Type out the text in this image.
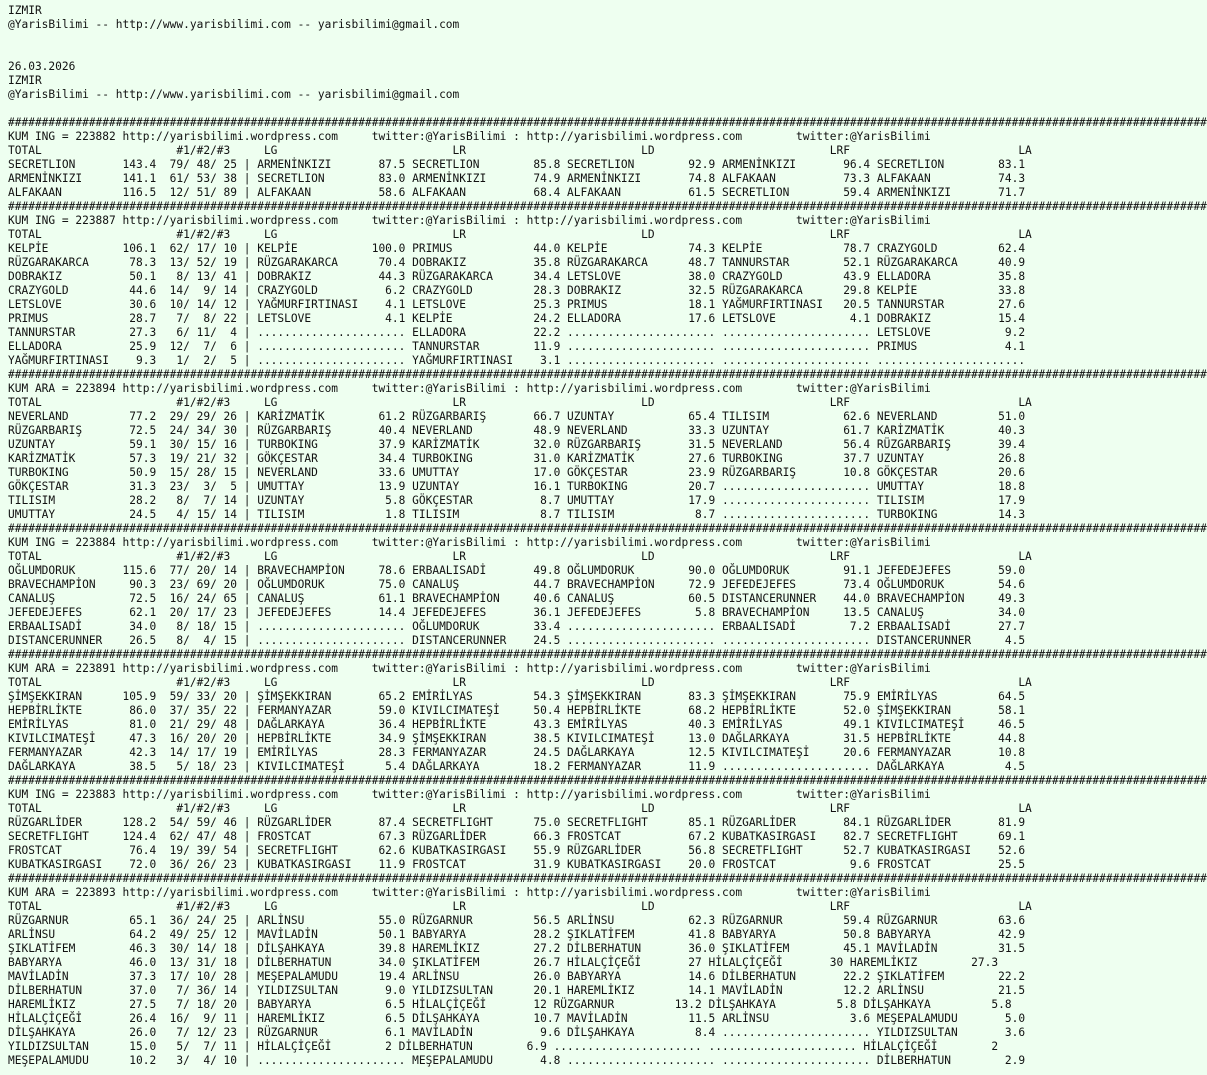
IZMIR
@YarisBilimi -- http://www.yarisbilimi.com -- yarisbilimi@gmail.com
26.03.2026
IZMIR
@YarisBilimi -- http://www.yarisbilimi.com -- yarisbilimi@gmail.com
##################################################################################################################################################################################
KUM ING = 223882 http://yarisbilimi.wordpress.com     twitter:@YarisBilimi : http://yarisbilimi.wordpress.com        twitter:@YarisBilimi
TOTAL                    #1/#2/#3     LG                          LR                          LD                          LRF                         LA
SECRETLION       143.4  79/ 48/ 25 | ARMENİNKIZI       87.5 SECRETLION        85.8 SECRETLION        92.9 ARMENİNKIZI       96.4 SECRETLION        83.1
ARMENİNKIZI      141.1  61/ 53/ 38 | SECRETLION        83.0 ARMENİNKIZI       74.9 ARMENİNKIZI       74.8 ALFAKAAN          73.3 ALFAKAAN          74.3
ALFAKAAN         116.5  12/ 51/ 89 | ALFAKAAN          58.6 ALFAKAAN          68.4 ALFAKAAN          61.5 SECRETLION        59.4 ARMENİNKIZI       71.7
##################################################################################################################################################################################
KUM ING = 223887 http://yarisbilimi.wordpress.com     twitter:@YarisBilimi : http://yarisbilimi.wordpress.com        twitter:@YarisBilimi
TOTAL                    #1/#2/#3     LG                          LR                          LD                          LRF                         LA
KELPİE           106.1  62/ 17/ 10 | KELPİE           100.0 PRIMUS            44.0 KELPİE            74.3 KELPİE            78.7 CRAZYGOLD         62.4
RÜZGARAKARCA      78.3  13/ 52/ 19 | RÜZGARAKARCA      70.4 DOBRAKIZ          35.8 RÜZGARAKARCA      48.7 TANNURSTAR        52.1 RÜZGARAKARCA      40.9
DOBRAKIZ          50.1   8/ 13/ 41 | DOBRAKIZ          44.3 RÜZGARAKARCA      34.4 LETSLOVE          38.0 CRAZYGOLD         43.9 ELLADORA          35.8
CRAZYGOLD         44.6  14/  9/ 14 | CRAZYGOLD          6.2 CRAZYGOLD         28.3 DOBRAKIZ          32.5 RÜZGARAKARCA      29.8 KELPİE            33.8
LETSLOVE          30.6  10/ 14/ 12 | YAĞMURFIRTINASI    4.1 LETSLOVE          25.3 PRIMUS            18.1 YAĞMURFIRTINASI   20.5 TANNURSTAR        27.6
PRIMUS            28.7   7/  8/ 22 | LETSLOVE           4.1 KELPİE            24.2 ELLADORA          17.6 LETSLOVE           4.1 DOBRAKIZ          15.4
TANNURSTAR        27.3   6/ 11/  4 | ...................... ELLADORA          22.2 ...................... ...................... LETSLOVE           9.2
ELLADORA          25.9  12/  7/  6 | ...................... TANNURSTAR        11.9 ...................... ...................... PRIMUS             4.1
YAĞMURFIRTINASI    9.3   1/  2/  5 | ...................... YAĞMURFIRTINASI    3.1 ...................... ...................... ......................
##################################################################################################################################################################################
KUM ARA = 223894 http://yarisbilimi.wordpress.com     twitter:@YarisBilimi : http://yarisbilimi.wordpress.com        twitter:@YarisBilimi
TOTAL                    #1/#2/#3     LG                          LR                          LD                          LRF                         LA
NEVERLAND         77.2  29/ 29/ 26 | KARİZMATİK        61.2 RÜZGARBARIŞ       66.7 UZUNTAY           65.4 TILISIM           62.6 NEVERLAND         51.0
RÜZGARBARIŞ       72.5  24/ 34/ 30 | RÜZGARBARIŞ       40.4 NEVERLAND         48.9 NEVERLAND         33.3 UZUNTAY           61.7 KARİZMATİK        40.3
UZUNTAY           59.1  30/ 15/ 16 | TURBOKING         37.9 KARİZMATİK        32.0 RÜZGARBARIŞ       31.5 NEVERLAND         56.4 RÜZGARBARIŞ       39.4
KARİZMATİK        57.3  19/ 21/ 32 | GÖKÇESTAR         34.4 TURBOKING         31.0 KARİZMATİK        27.6 TURBOKING         37.7 UZUNTAY           26.8
TURBOKING         50.9  15/ 28/ 15 | NEVERLAND         33.6 UMUTTAY           17.0 GÖKÇESTAR         23.9 RÜZGARBARIŞ       10.8 GÖKÇESTAR         20.6
GÖKÇESTAR         31.3  23/  3/  5 | UMUTTAY           13.9 UZUNTAY           16.1 TURBOKING         20.7 ...................... UMUTTAY           18.8
TILISIM           28.2   8/  7/ 14 | UZUNTAY            5.8 GÖKÇESTAR          8.7 UMUTTAY           17.9 ...................... TILISIM           17.9
UMUTTAY           24.5   4/ 15/ 14 | TILISIM            1.8 TILISIM            8.7 TILISIM            8.7 ...................... TURBOKING         14.3
##################################################################################################################################################################################
KUM ING = 223884 http://yarisbilimi.wordpress.com     twitter:@YarisBilimi : http://yarisbilimi.wordpress.com        twitter:@YarisBilimi
TOTAL                    #1/#2/#3     LG                          LR                          LD                          LRF                         LA
OĞLUMDORUK       115.6  77/ 20/ 14 | BRAVECHAMPİON     78.6 ERBAALISADİ       49.8 OĞLUMDORUK        90.0 OĞLUMDORUK        91.1 JEFEDEJEFES       59.0
BRAVECHAMPİON     90.3  23/ 69/ 20 | OĞLUMDORUK        75.0 CANALUŞ           44.7 BRAVECHAMPİON     72.9 JEFEDEJEFES       73.4 OĞLUMDORUK        54.6
CANALUŞ           72.5  16/ 24/ 65 | CANALUŞ           61.1 BRAVECHAMPİON     40.6 CANALUŞ           60.5 DISTANCERUNNER    44.0 BRAVECHAMPİON     49.3
JEFEDEJEFES       62.1  20/ 17/ 23 | JEFEDEJEFES       14.4 JEFEDEJEFES       36.1 JEFEDEJEFES        5.8 BRAVECHAMPİON     13.5 CANALUŞ           34.0
ERBAALISADİ       34.0   8/ 18/ 15 | ...................... OĞLUMDORUK        33.4 ...................... ERBAALISADİ        7.2 ERBAALISADİ       27.7
DISTANCERUNNER    26.5   8/  4/ 15 | ...................... DISTANCERUNNER    24.5 ...................... ...................... DISTANCERUNNER     4.5
##################################################################################################################################################################################
KUM ARA = 223891 http://yarisbilimi.wordpress.com     twitter:@YarisBilimi : http://yarisbilimi.wordpress.com        twitter:@YarisBilimi
TOTAL                    #1/#2/#3     LG                          LR                          LD                          LRF                         LA
ŞİMŞEKKIRAN      105.9  59/ 33/ 20 | ŞİMŞEKKIRAN       65.2 EMİRİLYAS         54.3 ŞİMŞEKKIRAN       83.3 ŞİMŞEKKIRAN       75.9 EMİRİLYAS         64.5
HEPBİRLİKTE       86.0  37/ 35/ 22 | FERMANYAZAR       59.0 KIVILCIMATEŞİ     50.4 HEPBİRLİKTE       68.2 HEPBİRLİKTE       52.0 ŞİMŞEKKIRAN       58.1
EMİRİLYAS         81.0  21/ 29/ 48 | DAĞLARKAYA        36.4 HEPBİRLİKTE       43.3 EMİRİLYAS         40.3 EMİRİLYAS         49.1 KIVILCIMATEŞİ     46.5
KIVILCIMATEŞİ     47.3  16/ 20/ 20 | HEPBİRLİKTE       34.9 ŞİMŞEKKIRAN       38.5 KIVILCIMATEŞİ     13.0 DAĞLARKAYA        31.5 HEPBİRLİKTE       44.8
FERMANYAZAR       42.3  14/ 17/ 19 | EMİRİLYAS         28.3 FERMANYAZAR       24.5 DAĞLARKAYA        12.5 KIVILCIMATEŞİ     20.6 FERMANYAZAR       10.8
DAĞLARKAYA        38.5   5/ 18/ 23 | KIVILCIMATEŞİ      5.4 DAĞLARKAYA        18.2 FERMANYAZAR       11.9 ...................... DAĞLARKAYA         4.5
##################################################################################################################################################################################
KUM ING = 223883 http://yarisbilimi.wordpress.com     twitter:@YarisBilimi : http://yarisbilimi.wordpress.com        twitter:@YarisBilimi
TOTAL                    #1/#2/#3     LG                          LR                          LD                          LRF                         LA
RÜZGARLİDER      128.2  54/ 59/ 46 | RÜZGARLİDER       87.4 SECRETFLIGHT      75.0 SECRETFLIGHT      85.1 RÜZGARLİDER       84.1 RÜZGARLİDER       81.9
SECRETFLIGHT     124.4  62/ 47/ 48 | FROSTCAT          67.3 RÜZGARLİDER       66.3 FROSTCAT          67.2 KUBATKASIRGASI    82.7 SECRETFLIGHT      69.1
FROSTCAT          76.4  19/ 39/ 54 | SECRETFLIGHT      62.6 KUBATKASIRGASI    55.9 RÜZGARLİDER       56.8 SECRETFLIGHT      52.7 KUBATKASIRGASI    52.6
KUBATKASIRGASI    72.0  36/ 26/ 23 | KUBATKASIRGASI    11.9 FROSTCAT          31.9 KUBATKASIRGASI    20.0 FROSTCAT           9.6 FROSTCAT          25.5
##################################################################################################################################################################################
KUM ARA = 223893 http://yarisbilimi.wordpress.com     twitter:@YarisBilimi : http://yarisbilimi.wordpress.com        twitter:@YarisBilimi
TOTAL                    #1/#2/#3     LG                          LR                          LD                          LRF                         LA
RÜZGARNUR         65.1  36/ 24/ 25 | ARLİNSU           55.0 RÜZGARNUR         56.5 ARLİNSU           62.3 RÜZGARNUR         59.4 RÜZGARNUR         63.6
ARLİNSU           64.2  49/ 25/ 12 | MAVİLADİN         50.1 BABYARYA          28.2 ŞIKLATİFEM        41.8 BABYARYA          50.8 BABYARYA          42.9
ŞIKLATİFEM        46.3  30/ 14/ 18 | DİLŞAHKAYA        39.8 HAREMLİKIZ        27.2 DİLBERHATUN       36.0 ŞIKLATİFEM        45.1 MAVİLADİN         31.5
BABYARYA          46.0  13/ 31/ 18 | DİLBERHATUN       34.0 ŞIKLATİFEM        26.7 HİLALÇİÇEĞİ       27 HİLALÇİÇEĞİ       30 HAREMLİKIZ        27.3
MAVİLADİN         37.3  17/ 10/ 28 | MEŞEPALAMUDU      19.4 ARLİNSU           26.0 BABYARYA          14.6 DİLBERHATUN       22.2 ŞIKLATİFEM        22.2
DİLBERHATUN       37.0   7/ 36/ 14 | YILDIZSULTAN       9.0 YILDIZSULTAN      20.1 HAREMLİKIZ        14.1 MAVİLADİN         12.2 ARLİNSU           21.5
HAREMLİKIZ        27.5   7/ 18/ 20 | BABYARYA           6.5 HİLALÇİÇEĞİ       12 RÜZGARNUR         13.2 DİLŞAHKAYA         5.8 DİLŞAHKAYA         5.8
HİLALÇİÇEĞİ       26.4  16/  9/ 11 | HAREMLİKIZ         6.5 DİLŞAHKAYA        10.7 MAVİLADİN         11.5 ARLİNSU            3.6 MEŞEPALAMUDU       5.0
DİLŞAHKAYA        26.0   7/ 12/ 23 | RÜZGARNUR          6.1 MAVİLADİN          9.6 DİLŞAHKAYA         8.4 ...................... YILDIZSULTAN       3.6
YILDIZSULTAN      15.0   5/  7/ 11 | HİLALÇİÇEĞİ        2 DİLBERHATUN        6.9 ...................... ...................... HİLALÇİÇEĞİ        2
MEŞEPALAMUDU      10.2   3/  4/ 10 | ...................... MEŞEPALAMUDU       4.8 ...................... ...................... DİLBERHATUN        2.9
